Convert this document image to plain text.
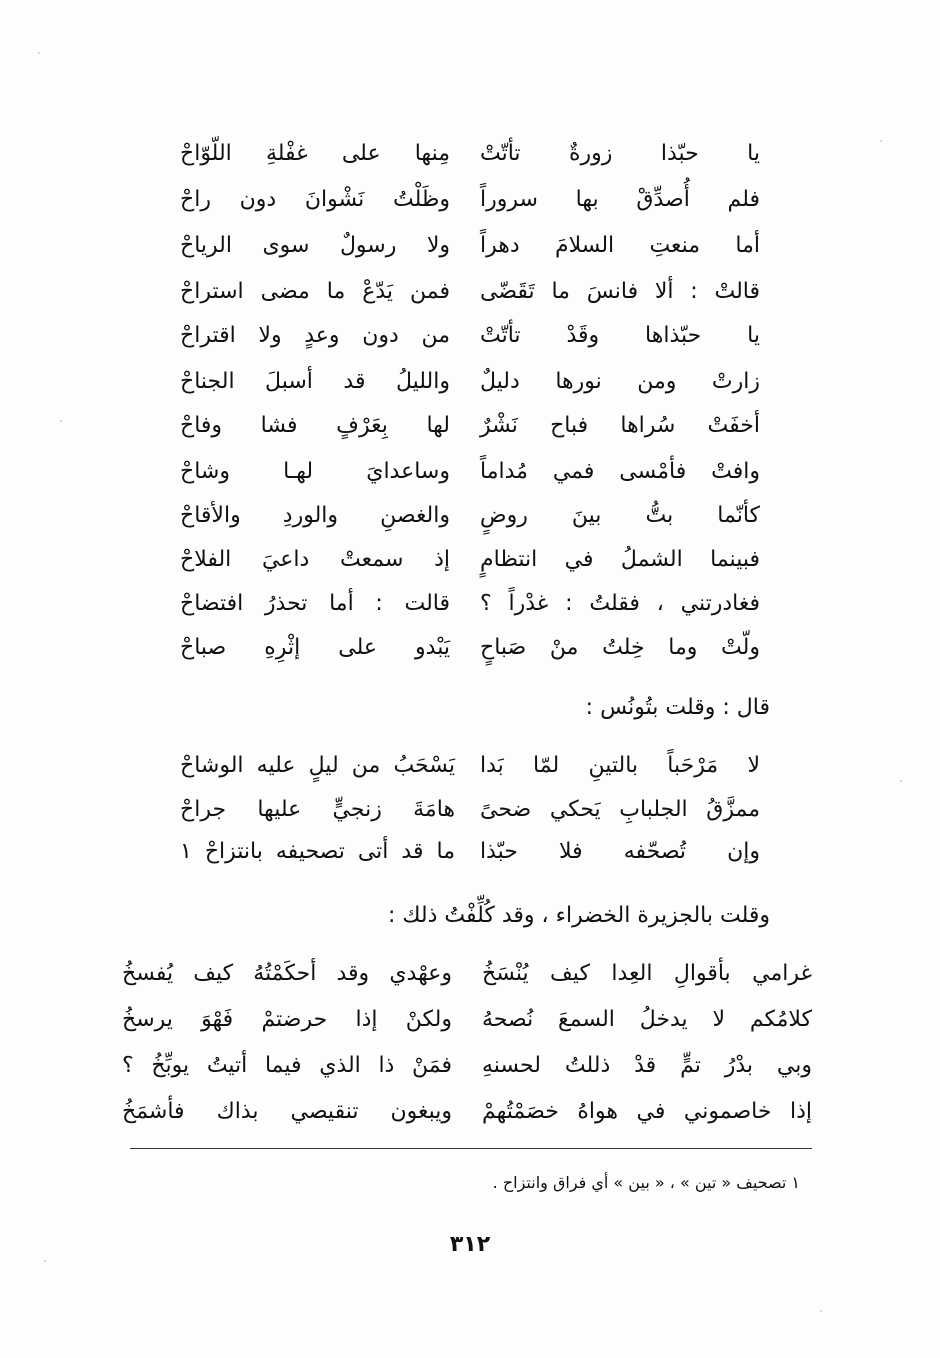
يا حبّذا زورةٌ تأتّتْ
مِنها على غفْلةِ اللّوّاحْ
فلم أُصدِّقْ بها سروراً
وظَلْتُ نَشْوانَ دون راحْ
أما منعتِ السلامَ دهراً
ولا رسولٌ سوى الرياحْ
قالتْ : ألا فانسَ ما تَقَضّى
فمن يَدّعْ ما مضى استراحْ
يا حبّذاها وقَدْ تأتّتْ
من دون وعدٍ ولا اقتراحْ
زارتْ ومن نورها دليلٌ
والليلُ قد أسبلَ الجناحْ
أخفَتْ سُراها فباح نَشْرٌ
لها بِعَرْفٍ فشا وفاحْ
وافتْ فأمْسى فمي مُداماً
وساعدايَ لهـا وشاحْ
كأنّما بتُّ بينَ روضٍ
والغصنِ والوردِ والأقاحْ
فبينما الشملُ في انتظامٍ
إذ سمعتْ داعيَ الفلاحْ
فغادرتني ، فقلتُ : غدْراً ؟
قالت : أما تحذرُ افتضاحْ
ولّتْ وما خِلتُ منْ صَباحٍ
يَبْدو على إثْرِهِ صباحْ
قال : وقلت بتُونُس :
لا مَرْحَباً بالتينِ لمّا بَدا
يَسْحَبُ من ليلٍ عليه الوشاحْ
ممزَّقُ الجلبابِ يَحكي ضحىً
هامَةَ زنجيٍّ عليها جراحْ
وإن تُصحّفه فلا حبّذا
ما قد أتى تصحيفه بانتزاحْ ١
وقلت بالجزيرة الخضراء ، وقد كُلِّفْتُ ذلك :
غرامي بأقوالِ العِدا كيف يُنْسَخُ
وعهْدي وقد أحكَمْتُهُ كيف يُفسخُ
كلامُكم لا يدخلُ السمعَ نُصحهُ
ولكنْ إذا حرضتمْ فَهْوَ يرسخُ
وبي بدْرُ تمٍّ قدْ ذللتُ لحسنهِ
فمَنْ ذا الذي فيما أتيتُ يوبِّخُ ؟
إذا خاصموني في هواهُ خصَمْتُهمْ
ويبغون تنقيصي بذاك فأشمَخُ
١ تصحيف « تين » ، « بين » أي فراق وانتزاح .
٣١٢
